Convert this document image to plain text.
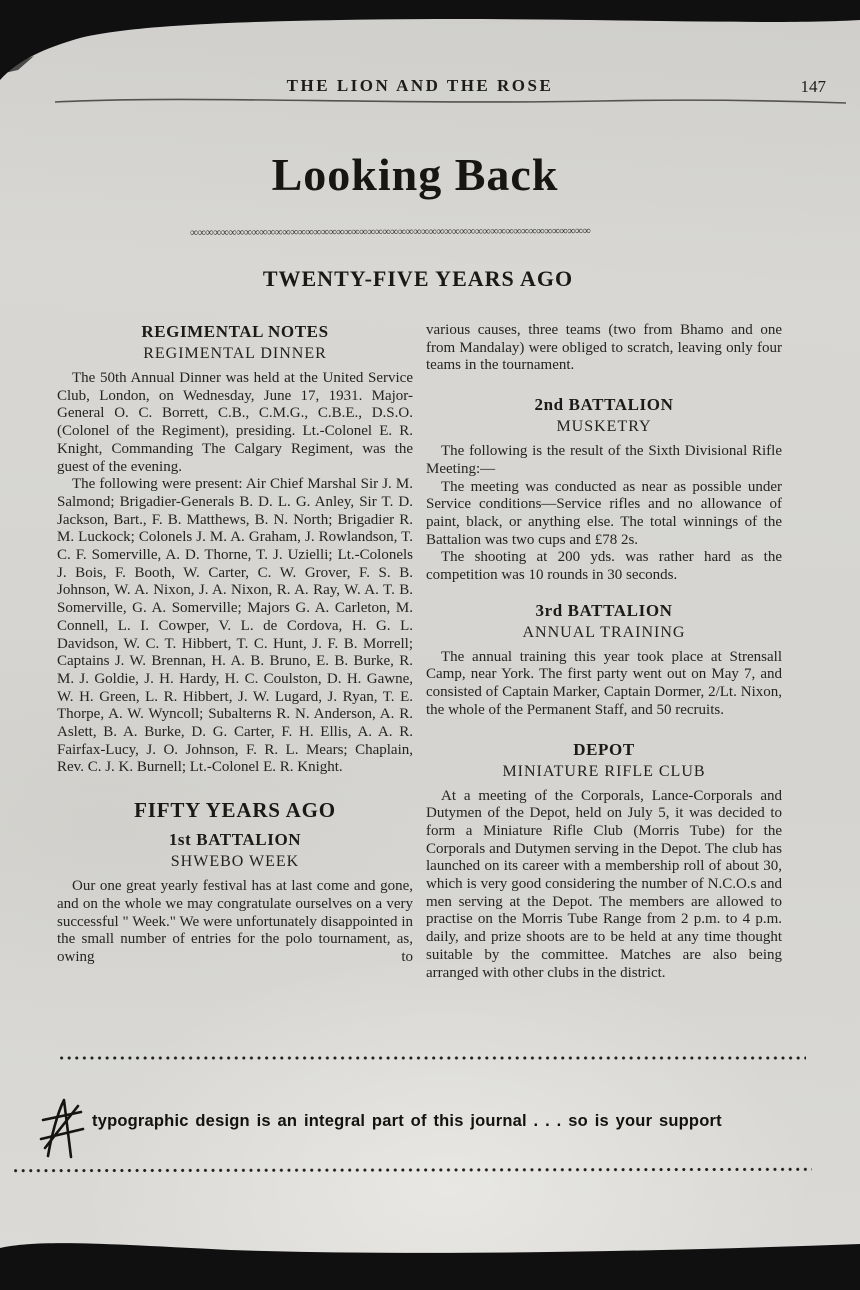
THE LION AND THE ROSE	147
Looking Back
∞∞∞∞∞∞∞∞∞∞∞∞∞∞∞∞∞∞∞∞∞∞∞∞∞∞∞∞∞∞∞∞∞∞∞∞∞∞∞∞∞∞∞∞∞∞∞∞∞∞∞∞
TWENTY-FIVE YEARS AGO
REGIMENTAL NOTES
REGIMENTAL DINNER

The 50th Annual Dinner was held at the United Service Club, London, on Wednesday, June 17, 1931. Major-General O. C. Borrett, C.B., C.M.G., C.B.E., D.S.O. (Colonel of the Regiment), presiding. Lt.-Colonel E. R. Knight, Commanding The Calgary Regiment, was the guest of the evening.

The following were present: Air Chief Marshal Sir J. M. Salmond; Brigadier-Generals B. D. L. G. Anley, Sir T. D. Jackson, Bart., F. B. Matthews, B. N. North; Brigadier R. M. Luckock; Colonels J. M. A. Graham, J. Rowlandson, T. C. F. Somerville, A. D. Thorne, T. J. Uzielli; Lt.-Colonels J. Bois, F. Booth, W. Carter, C. W. Grover, F. S. B. Johnson, W. A. Nixon, J. A. Nixon, R. A. Ray, W. A. T. B. Somerville, G. A. Somerville; Majors G. A. Carleton, M. Connell, L. I. Cowper, V. L. de Cordova, H. G. L. Davidson, W. C. T. Hibbert, T. C. Hunt, J. F. B. Morrell; Captains J. W. Brennan, H. A. B. Bruno, E. B. Burke, R. M. J. Goldie, J. H. Hardy, H. C. Coulston, D. H. Gawne, W. H. Green, L. R. Hibbert, J. W. Lugard, J. Ryan, T. E. Thorpe, A. W. Wyncoll; Subalterns R. N. Anderson, A. R. Aslett, B. A. Burke, D. G. Carter, F. H. Ellis, A. A. R. Fairfax-Lucy, J. O. Johnson, F. R. L. Mears; Chaplain, Rev. C. J. K. Burnell; Lt.-Colonel E. R. Knight.

FIFTY YEARS AGO
1st BATTALION
SHWEBO WEEK

Our one great yearly festival has at last come and gone, and on the whole we may congratulate ourselves on a very successful " Week." We were unfortunately disappointed in the small number of entries for the polo tournament, as, owing to

various causes, three teams (two from Bhamo and one from Mandalay) were obliged to scratch, leaving only four teams in the tournament.

2nd BATTALION
MUSKETRY

The following is the result of the Sixth Divisional Rifle Meeting:—

The meeting was conducted as near as possible under Service conditions—Service rifles and no allowance of paint, black, or anything else. The total winnings of the Battalion was two cups and £78 2s.

The shooting at 200 yds. was rather hard as the competition was 10 rounds in 30 seconds.

3rd BATTALION
ANNUAL TRAINING

The annual training this year took place at Strensall Camp, near York. The first party went out on May 7, and consisted of Captain Marker, Captain Dormer, 2/Lt. Nixon, the whole of the Permanent Staff, and 50 recruits.

DEPOT
MINIATURE RIFLE CLUB

At a meeting of the Corporals, Lance-Corporals and Dutymen of the Depot, held on July 5, it was decided to form a Miniature Rifle Club (Morris Tube) for the Corporals and Dutymen serving in the Depot. The club has launched on its career with a membership roll of about 30, which is very good considering the number of N.C.O.s and men serving at the Depot. The members are allowed to practise on the Morris Tube Range from 2 p.m. to 4 p.m. daily, and prize shoots are to be held at any time thought suitable by the committee. Matches are also being arranged with other clubs in the district.

typographic design is an integral part of this journal . . . so is your support
